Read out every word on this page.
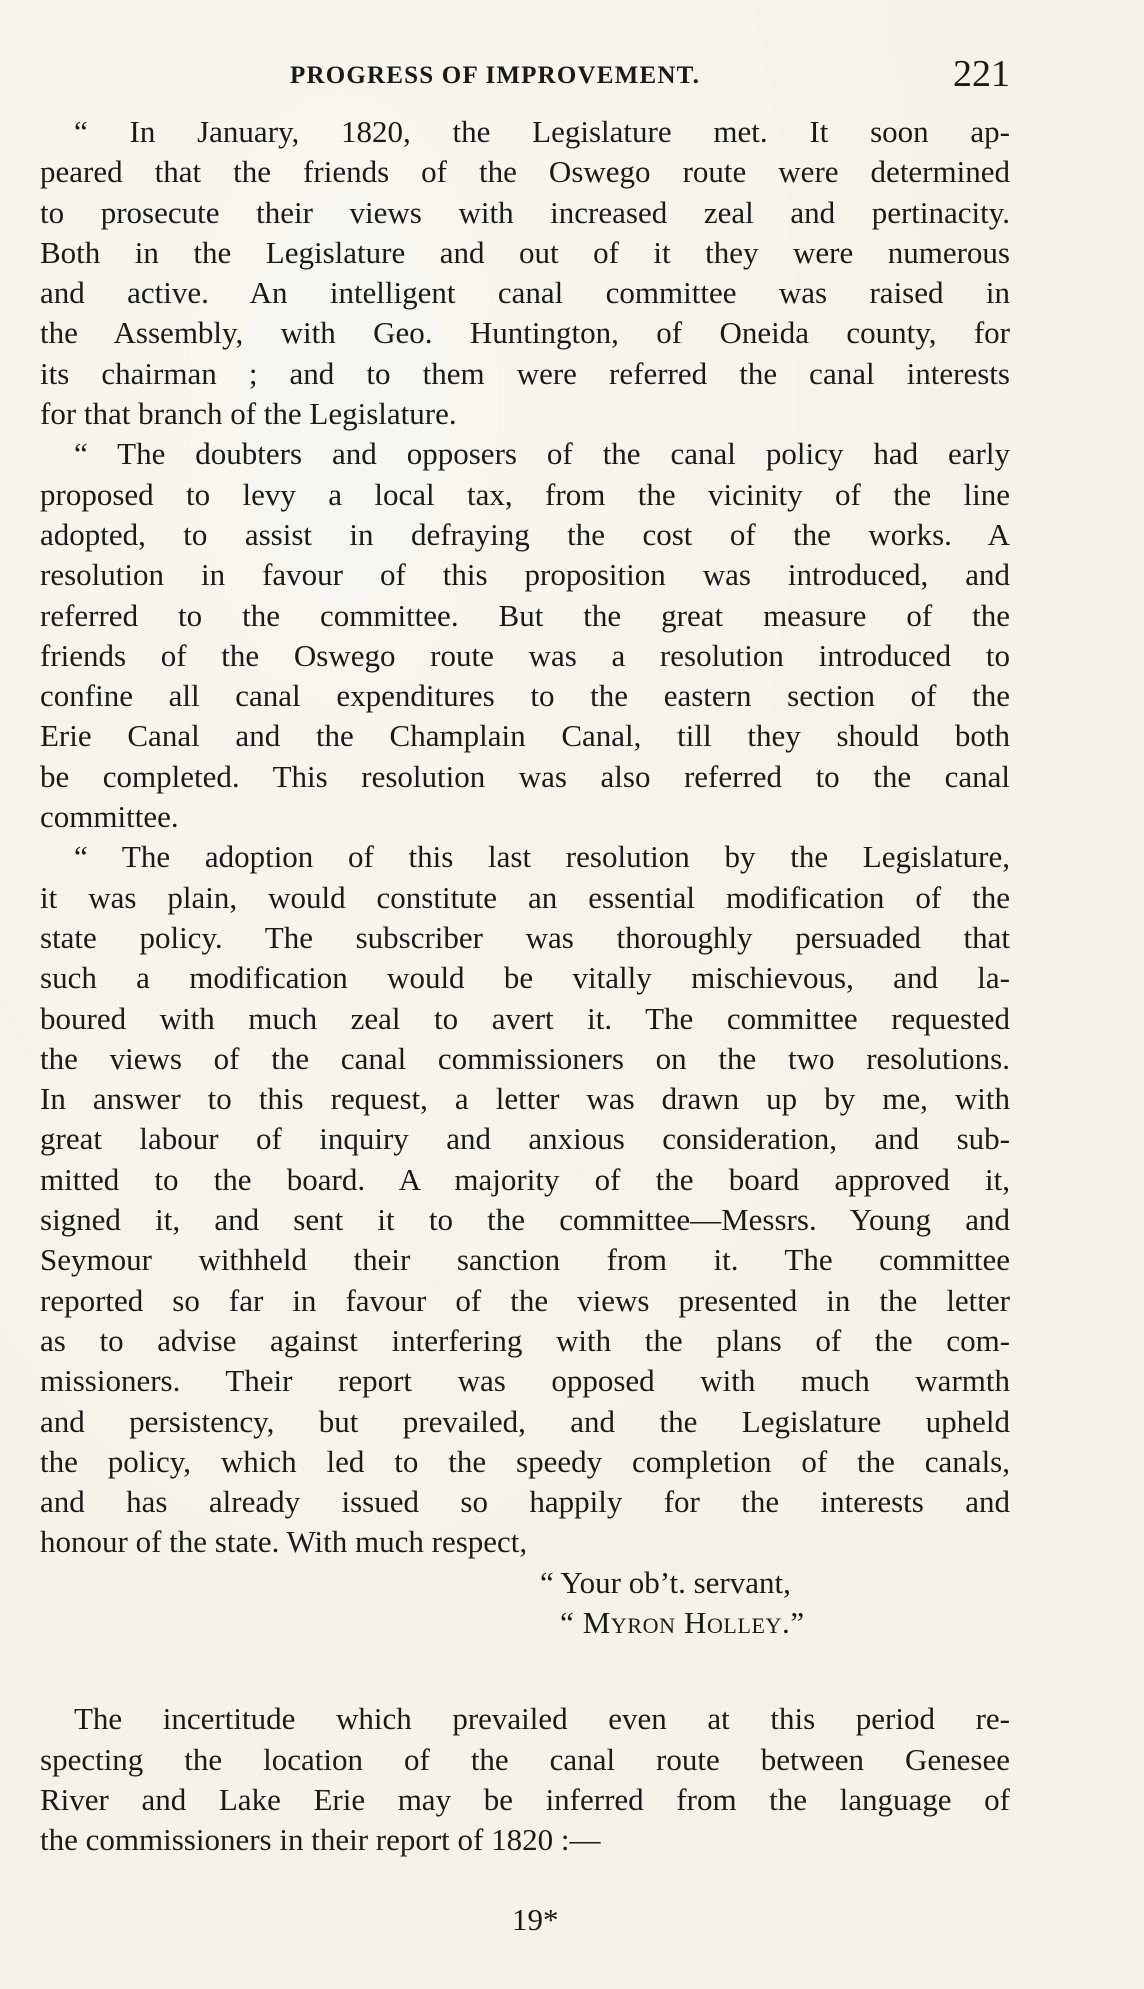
PROGRESS OF IMPROVEMENT.	221
“ In January, 1820, the Legislature met. It soon ap-
peared that the friends of the Oswego route were determined
to prosecute their views with increased zeal and pertinacity.
Both in the Legislature and out of it they were numerous
and active. An intelligent canal committee was raised in
the Assembly, with Geo. Huntington, of Oneida county, for
its chairman ; and to them were referred the canal interests
for that branch of the Legislature.
“ The doubters and opposers of the canal policy had early
proposed to levy a local tax, from the vicinity of the line
adopted, to assist in defraying the cost of the works. A
resolution in favour of this proposition was introduced, and
referred to the committee. But the great measure of the
friends of the Oswego route was a resolution introduced to
confine all canal expenditures to the eastern section of the
Erie Canal and the Champlain Canal, till they should both
be completed. This resolution was also referred to the canal
committee.
“ The adoption of this last resolution by the Legislature,
it was plain, would constitute an essential modification of the
state policy. The subscriber was thoroughly persuaded that
such a modification would be vitally mischievous, and la-
boured with much zeal to avert it. The committee requested
the views of the canal commissioners on the two resolutions.
In answer to this request, a letter was drawn up by me, with
great labour of inquiry and anxious consideration, and sub-
mitted to the board. A majority of the board approved it,
signed it, and sent it to the committee—Messrs. Young and
Seymour withheld their sanction from it. The committee
reported so far in favour of the views presented in the letter
as to advise against interfering with the plans of the com-
missioners. Their report was opposed with much warmth
and persistency, but prevailed, and the Legislature upheld
the policy, which led to the speedy completion of the canals,
and has already issued so happily for the interests and
honour of the state. With much respect,
“ Your ob’t. servant,
“ Myron Holley.”
The incertitude which prevailed even at this period re-
specting the location of the canal route between Genesee
River and Lake Erie may be inferred from the language of
the commissioners in their report of 1820 :—
19*
